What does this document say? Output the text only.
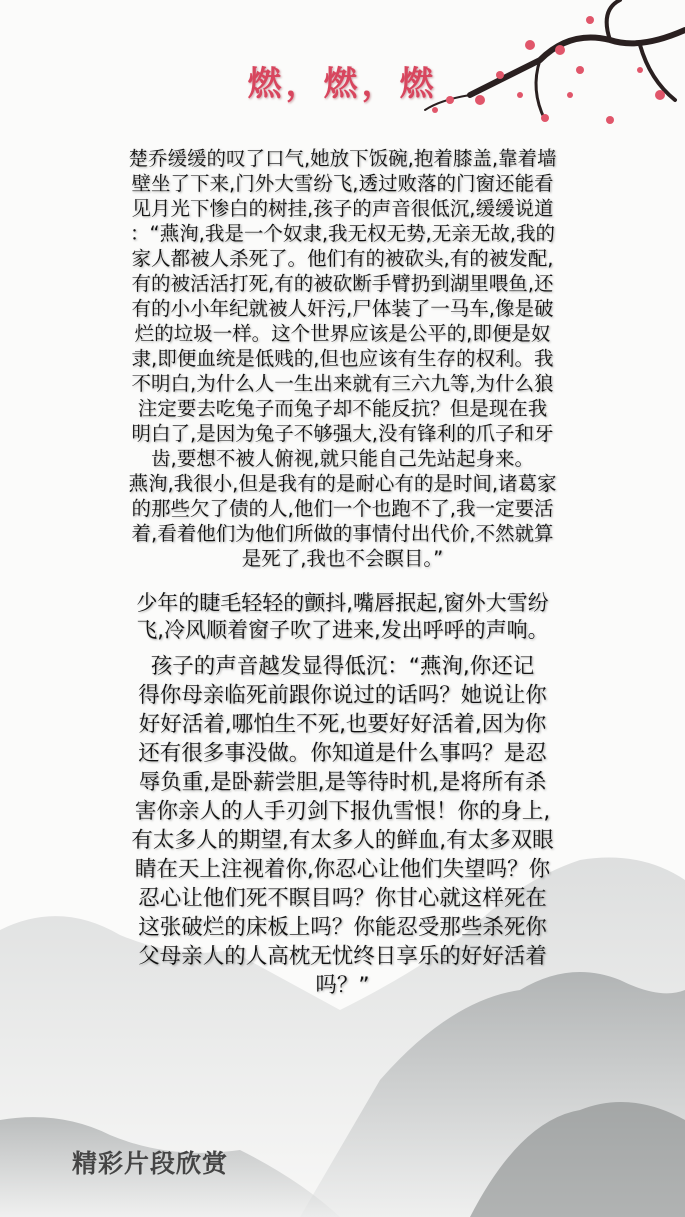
燃，燃，燃
楚乔缓缓的叹了口气,她放下饭碗,抱着膝盖,靠着墙
壁坐了下来,门外大雪纷飞,透过败落的门窗还能看
见月光下惨白的树挂,孩子的声音很低沉,缓缓说道
：“燕洵,我是一个奴隶,我无权无势,无亲无故,我的
家人都被人杀死了。他们有的被砍头,有的被发配,
有的被活活打死,有的被砍断手臂扔到湖里喂鱼,还
有的小小年纪就被人奸污,尸体装了一马车,像是破
烂的垃圾一样。这个世界应该是公平的,即便是奴
隶,即便血统是低贱的,但也应该有生存的权利。我
不明白,为什么人一生出来就有三六九等,为什么狼
注定要去吃兔子而兔子却不能反抗？但是现在我
明白了,是因为兔子不够强大,没有锋利的爪子和牙
齿,要想不被人俯视,就只能自己先站起身来。
燕洵,我很小,但是我有的是耐心有的是时间,诸葛家
的那些欠了债的人,他们一个也跑不了,我一定要活
着,看着他们为他们所做的事情付出代价,不然就算
是死了,我也不会瞑目。”
少年的睫毛轻轻的颤抖,嘴唇抿起,窗外大雪纷
飞,冷风顺着窗子吹了进来,发出呼呼的声响。
孩子的声音越发显得低沉：“燕洵,你还记
得你母亲临死前跟你说过的话吗？她说让你
好好活着,哪怕生不死,也要好好活着,因为你
还有很多事没做。你知道是什么事吗？是忍
辱负重,是卧薪尝胆,是等待时机,是将所有杀
害你亲人的人手刃剑下报仇雪恨！你的身上,
有太多人的期望,有太多人的鲜血,有太多双眼
睛在天上注视着你,你忍心让他们失望吗？你
忍心让他们死不瞑目吗？你甘心就这样死在
这张破烂的床板上吗？你能忍受那些杀死你
父母亲人的人高枕无忧终日享乐的好好活着
吗？”
精彩片段欣赏
